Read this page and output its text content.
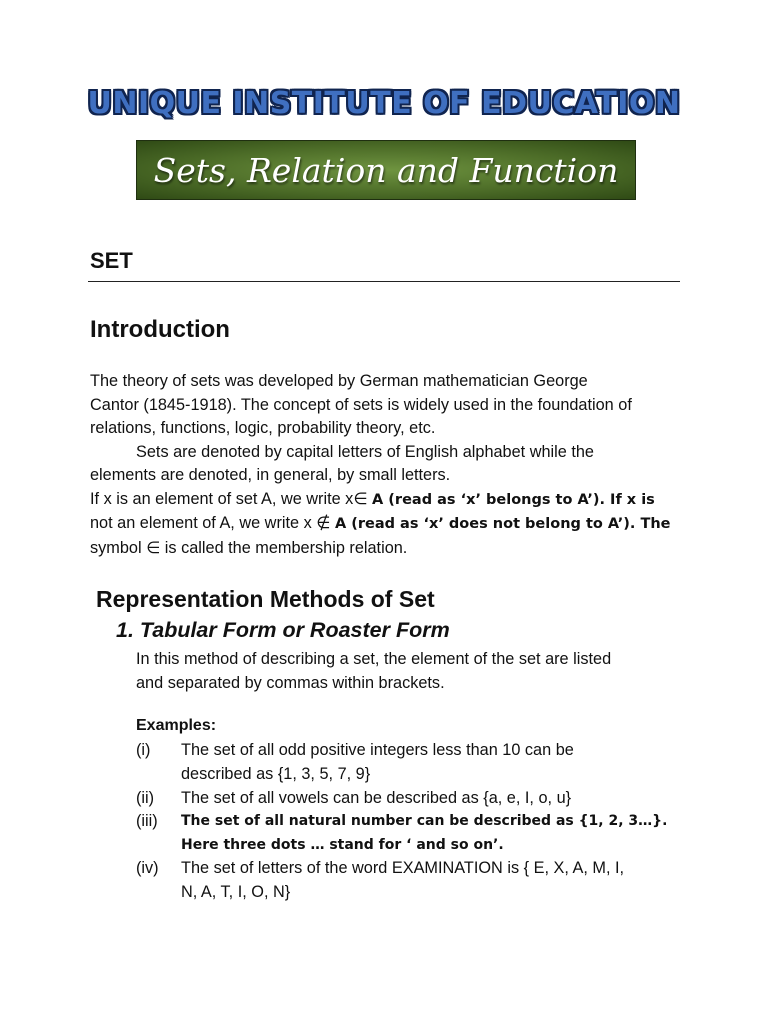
UNIQUE INSTITUTE OF EDUCATION
Sets, Relation and Function
SET
Introduction
The theory of sets was developed by German mathematician George
Cantor (1845-1918). The concept of sets is widely used in the foundation of
relations, functions, logic, probability theory, etc.
Sets are denoted by capital letters of English alphabet while the
elements are denoted, in general, by small letters.
If x is an element of set A, we write x∈ A (read as ‘x’ belongs to A’). If x is
not an element of A, we write x ∉ A (read as ‘x’ does not belong to A’). The
symbol ∈ is called the membership relation.
Representation Methods of Set
1. Tabular Form or Roaster Form
In this method of describing a set, the element of the set are listed
and separated by commas within brackets.
Examples:
(i) The set of all odd positive integers less than 10 can be
described as {1, 3, 5, 7, 9}
(ii) The set of all vowels can be described as {a, e, I, o, u}
(iii) The set of all natural number can be described as {1, 2, 3…}.
Here three dots … stand for ‘ and so on’.
(iv) The set of letters of the word EXAMINATION is { E, X, A, M, I,
N, A, T, I, O, N}
